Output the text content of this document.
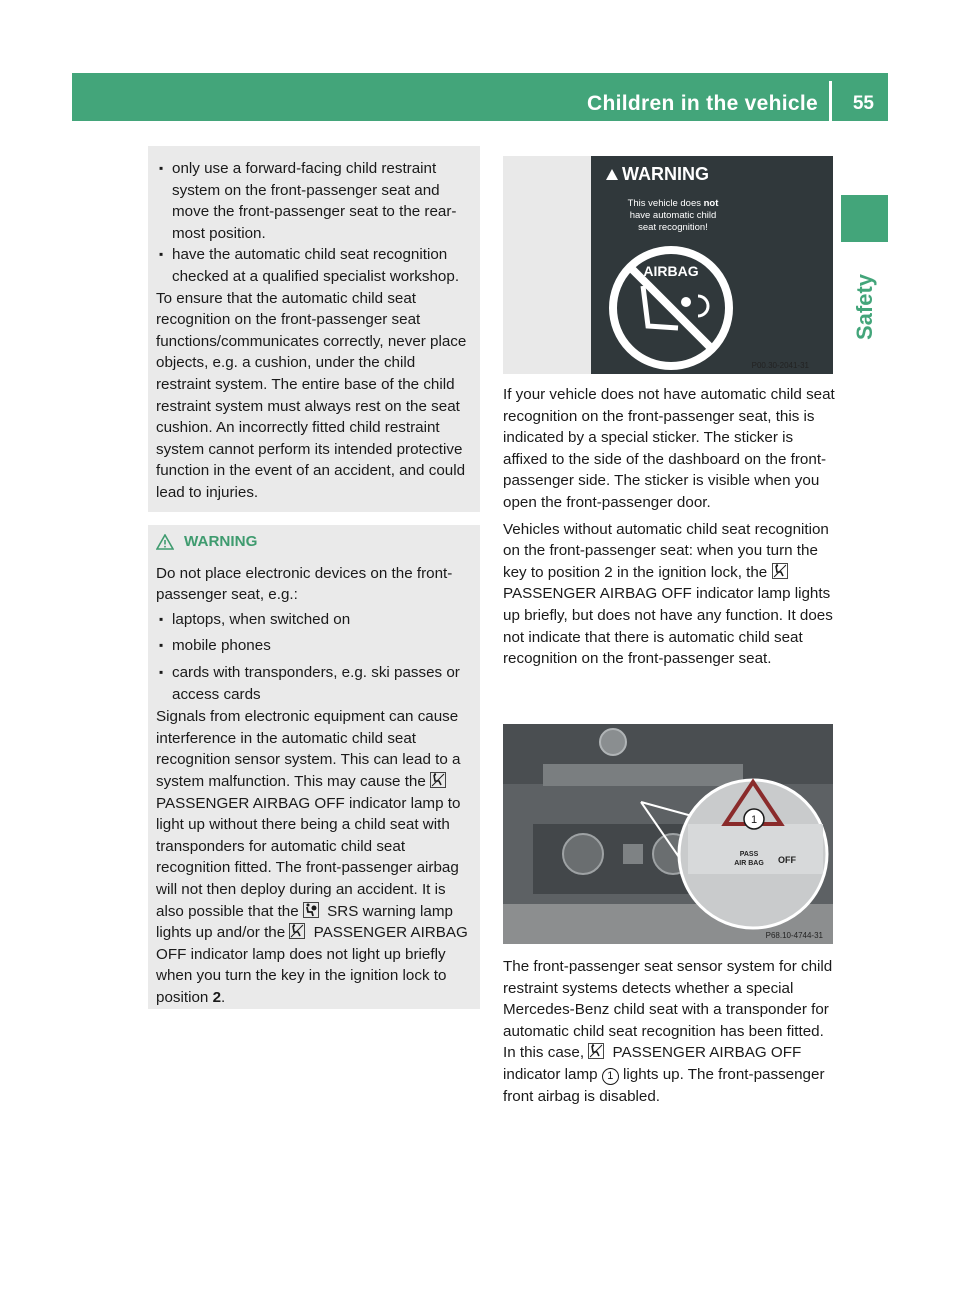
Children in the vehicle 55
Safety
▪ only use a forward-facing child restraint system on the front-passenger seat and move the front-passenger seat to the rear-most position.
▪ have the automatic child seat recognition checked at a qualified specialist workshop.

To ensure that the automatic child seat recognition on the front-passenger seat functions/communicates correctly, never place objects, e.g. a cushion, under the child restraint system. The entire base of the child restraint system must always rest on the seat cushion. An incorrectly fitted child restraint system cannot perform its intended protective function in the event of an accident, and could lead to injuries.

WARNING

Do not place electronic devices on the front-passenger seat, e.g.:

▪ laptops, when switched on
▪ mobile phones
▪ cards with transponders, e.g. ski passes or access cards

Signals from electronic equipment can cause interference in the automatic child seat recognition sensor system. This can lead to a system malfunction. This may cause the  PASSENGER AIRBAG OFF indicator lamp to light up without there being a child seat with transponders for automatic child seat recognition fitted. The front-passenger airbag will not then deploy during an accident. It is also possible that the SRS warning lamp lights up and/or the PASSENGER AIRBAG OFF indicator lamp does not light up briefly when you turn the key in the ignition lock to position 2.

WARNING
This vehicle does not
have automatic child
seat recognition!
AIRBAG
P00.30-2041-31

If your vehicle does not have automatic child seat recognition on the front-passenger seat, this is indicated by a special sticker. The sticker is affixed to the side of the dashboard on the front-passenger side. The sticker is visible when you open the front-passenger door.

Vehicles without automatic child seat recognition on the front-passenger seat: when you turn the key to position 2 in the ignition lock, the  PASSENGER AIRBAG OFF indicator lamp lights up briefly, but does not have any function. It does not indicate that there is automatic child seat recognition on the front-passenger seat.

1
PASS
AIR BAG OFF
P68.10-4744-31

The front-passenger seat sensor system for child restraint systems detects whether a special Mercedes-Benz child seat with a transponder for automatic child seat recognition has been fitted. In this case, PASSENGER AIRBAG OFF indicator lamp 1 lights up. The front-passenger front airbag is disabled.
